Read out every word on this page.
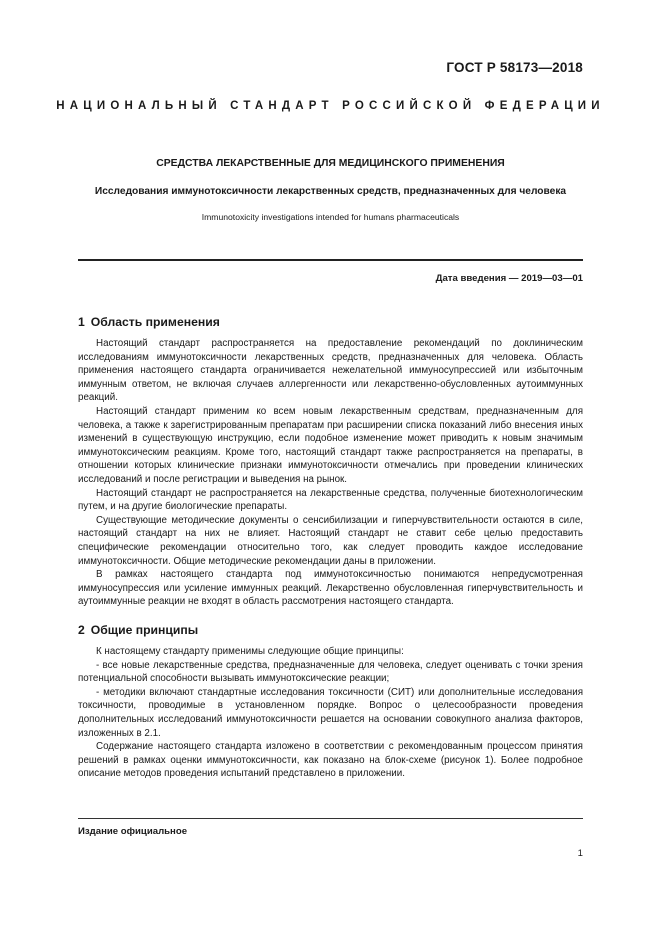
ГОСТ Р 58173—2018
НАЦИОНАЛЬНЫЙ СТАНДАРТ РОССИЙСКОЙ ФЕДЕРАЦИИ
СРЕДСТВА ЛЕКАРСТВЕННЫЕ ДЛЯ МЕДИЦИНСКОГО ПРИМЕНЕНИЯ
Исследования иммунотоксичности лекарственных средств, предназначенных для человека
Immunotoxicity investigations intended for humans pharmaceuticals
Дата введения — 2019—03—01
1 Область применения

Настоящий стандарт распространяется на предоставление рекомендаций по доклиническим исследованиям иммунотоксичности лекарственных средств, предназначенных для человека. Область применения настоящего стандарта ограничивается нежелательной иммуносупрессией или избыточным иммунным ответом, не включая случаев аллергенности или лекарственно-обусловленных аутоиммунных реакций.

Настоящий стандарт применим ко всем новым лекарственным средствам, предназначенным для человека, а также к зарегистрированным препаратам при расширении списка показаний либо внесения иных изменений в существующую инструкцию, если подобное изменение может приводить к новым значимым иммунотоксическим реакциям. Кроме того, настоящий стандарт также распространяется на препараты, в отношении которых клинические признаки иммунотоксичности отмечались при проведении клинических исследований и после регистрации и выведения на рынок.

Настоящий стандарт не распространяется на лекарственные средства, полученные биотехнологическим путем, и на другие биологические препараты.

Существующие методические документы о сенсибилизации и гиперчувствительности остаются в силе, настоящий стандарт на них не влияет. Настоящий стандарт не ставит себе целью предоставить специфические рекомендации относительно того, как следует проводить каждое исследование иммунотоксичности. Общие методические рекомендации даны в приложении.

В рамках настоящего стандарта под иммунотоксичностью понимаются непредусмотренная иммуносупрессия или усиление иммунных реакций. Лекарственно обусловленная гиперчувствительность и аутоиммунные реакции не входят в область рассмотрения настоящего стандарта.

2 Общие принципы

К настоящему стандарту применимы следующие общие принципы:

- все новые лекарственные средства, предназначенные для человека, следует оценивать с точки зрения потенциальной способности вызывать иммунотоксические реакции;

- методики включают стандартные исследования токсичности (СИТ) или дополнительные исследования токсичности, проводимые в установленном порядке. Вопрос о целесообразности проведения дополнительных исследований иммунотоксичности решается на основании совокупного анализа факторов, изложенных в 2.1.

Содержание настоящего стандарта изложено в соответствии с рекомендованным процессом принятия решений в рамках оценки иммунотоксичности, как показано на блок-схеме (рисунок 1). Более подробное описание методов проведения испытаний представлено в приложении.

Издание официальное
1
